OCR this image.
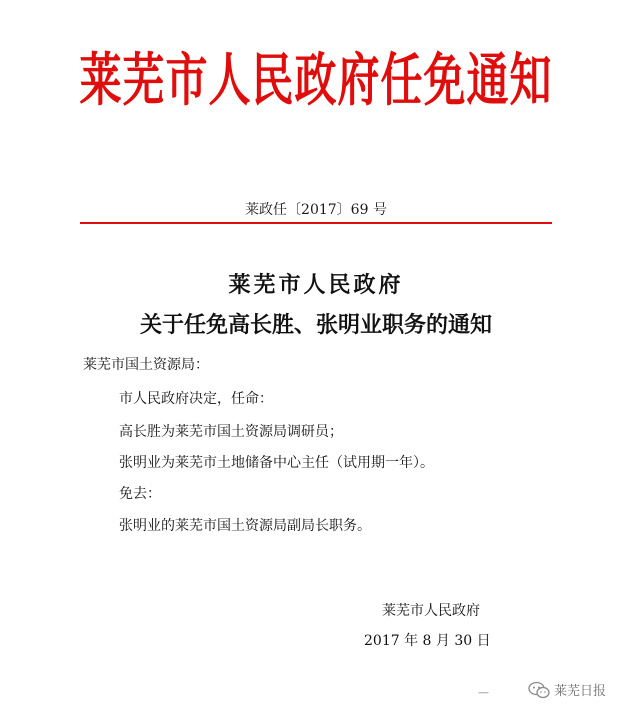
莱芜市人民政府任免通知
莱政任〔2017〕69 号
莱芜市人民政府
关于任免高长胜、张明业职务的通知
莱芜市国土资源局：
市人民政府决定，任命：
高长胜为莱芜市国土资源局调研员；
张明业为莱芜市土地储备中心主任（试用期一年）。
免去：
张明业的莱芜市国土资源局副局长职务。
莱芜市人民政府
2017 年 8 月 30 日
—	莱芜日报
